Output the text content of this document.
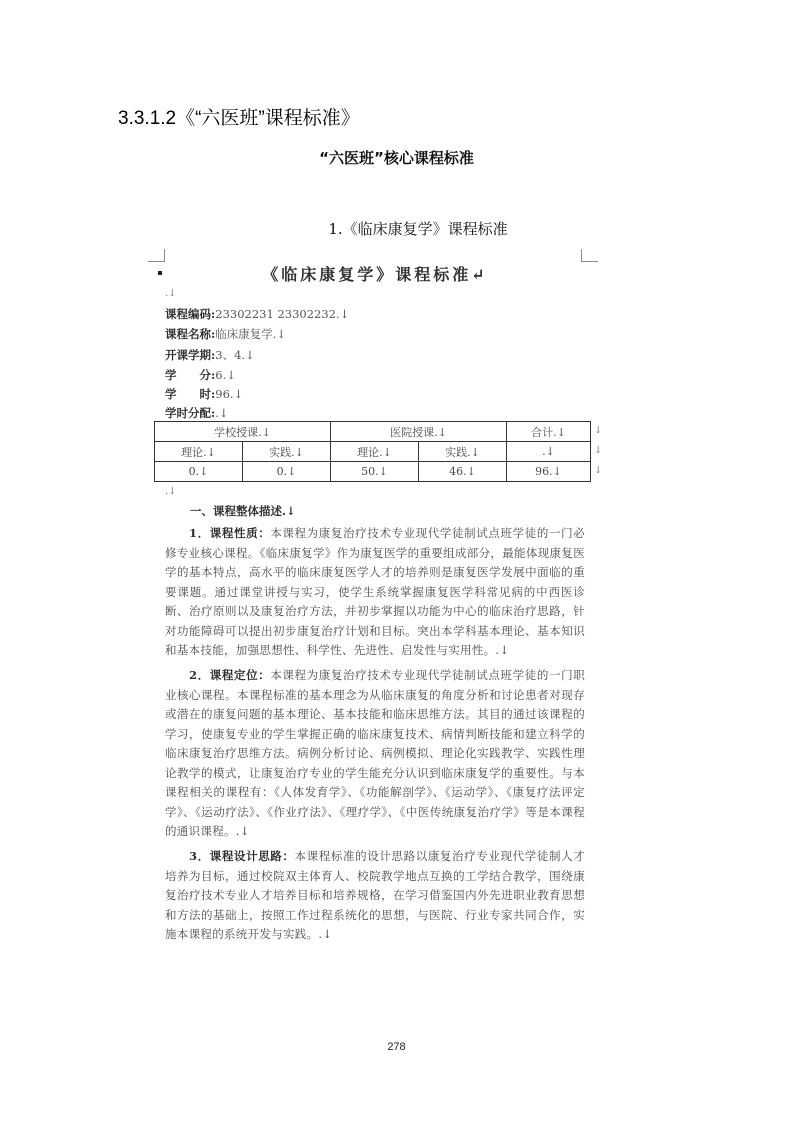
3.3.1.2《“六医班”课程标准》
“六医班”核心课程标准
1.《临床康复学》课程标准
《临床康复学》课程标准↵
.↓
课程编码:23302231 23302232.↓
课程名称:临床康复学.↓
开课学期:3、4.↓
学　　分:6.↓
学　　时:96.↓
学时分配:.↓
学校授课.↓		医院授课.↓		合计.↓
理论.↓	实践.↓	理论.↓	实践.↓	.↓
0.↓	0.↓	50.↓	46.↓	96.↓
↓
↓
↓
.↓
一、课程整体描述.↓
1．课程性质：本课程为康复治疗技术专业现代学徒制试点班学徒的一门必修专业核心课程。《临床康复学》作为康复医学的重要组成部分，最能体现康复医学的基本特点，高水平的临床康复医学人才的培养则是康复医学发展中面临的重要课题。通过课堂讲授与实习，使学生系统掌握康复医学科常见病的中西医诊断、治疗原则以及康复治疗方法，并初步掌握以功能为中心的临床治疗思路，针对功能障碍可以提出初步康复治疗计划和目标。突出本学科基本理论、基本知识和基本技能，加强思想性、科学性、先进性、启发性与实用性。.↓
2．课程定位：本课程为康复治疗技术专业现代学徒制试点班学徒的一门职业核心课程。本课程标准的基本理念为从临床康复的角度分析和讨论患者对现存或潜在的康复问题的基本理论、基本技能和临床思维方法。其目的通过该课程的学习，使康复专业的学生掌握正确的临床康复技术、病情判断技能和建立科学的临床康复治疗思维方法。病例分析讨论、病例模拟、理论化实践教学、实践性理论教学的模式，让康复治疗专业的学生能充分认识到临床康复学的重要性。与本课程相关的课程有：《人体发育学》、《功能解剖学》、《运动学》、《康复疗法评定学》、《运动疗法》、《作业疗法》、《理疗学》、《中医传统康复治疗学》等是本课程的通识课程。.↓
3．课程设计思路：本课程标准的设计思路以康复治疗专业现代学徒制人才培养为目标，通过校院双主体育人、校院教学地点互换的工学结合教学，围绕康复治疗技术专业人才培养目标和培养规格，在学习借鉴国内外先进职业教育思想和方法的基础上，按照工作过程系统化的思想，与医院、行业专家共同合作，实施本课程的系统开发与实践。.↓
278
